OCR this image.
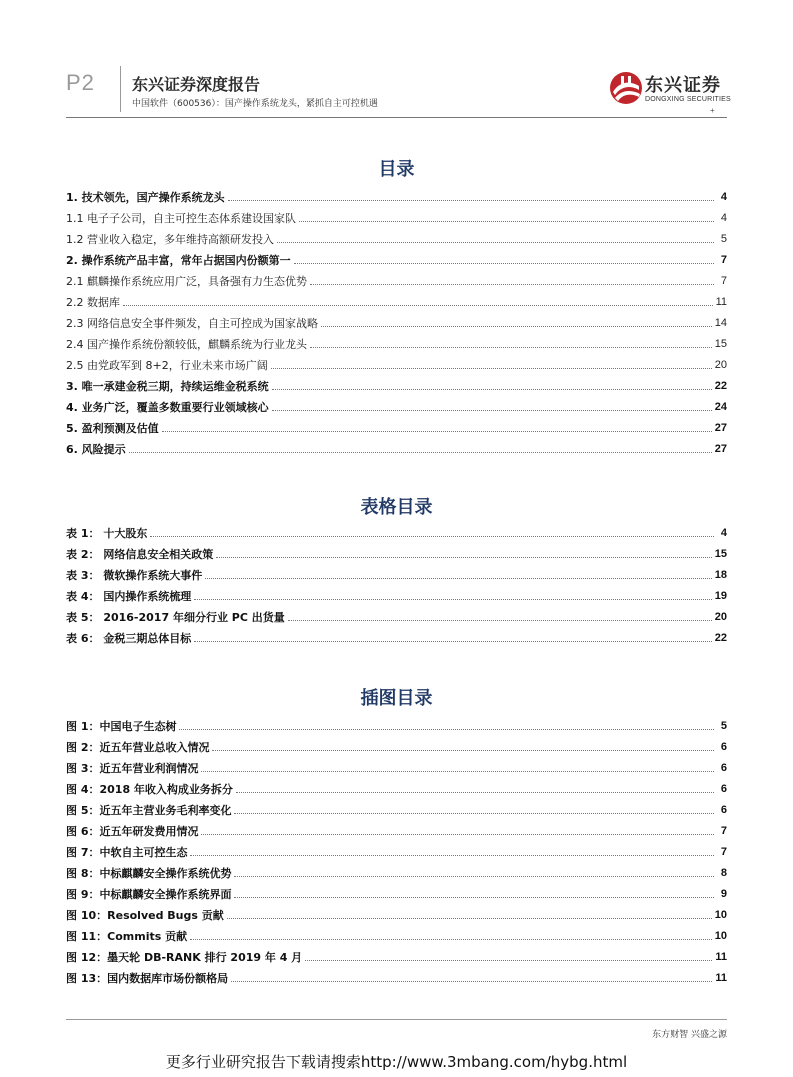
P2 东兴证券深度报告
中国软件（600536）：国产操作系统龙头，紧抓自主可控机遇
东兴证券
DONGXING SECURITIES
+
目录
1. 技术领先，国产操作系统龙头	4
1.1 电子子公司，自主可控生态体系建设国家队	4
1.2 营业收入稳定，多年维持高额研发投入	5
2. 操作系统产品丰富，常年占据国内份额第一	7
2.1 麒麟操作系统应用广泛，具备强有力生态优势	7
2.2 数据库	11
2.3 网络信息安全事件频发，自主可控成为国家战略	14
2.4 国产操作系统份额较低，麒麟系统为行业龙头	15
2.5 由党政军到 8+2，行业未来市场广阔	20
3. 唯一承建金税三期，持续运维金税系统	22
4. 业务广泛，覆盖多数重要行业领域核心	24
5. 盈利预测及估值	27
6. 风险提示	27
表格目录
表 1： 十大股东	4
表 2： 网络信息安全相关政策	15
表 3： 微软操作系统大事件	18
表 4： 国内操作系统梳理	19
表 5： 2016-2017 年细分行业 PC 出货量	20
表 6： 金税三期总体目标	22
插图目录
图 1：中国电子生态树	5
图 2：近五年营业总收入情况	6
图 3：近五年营业利润情况	6
图 4：2018 年收入构成业务拆分	6
图 5：近五年主营业务毛利率变化	6
图 6：近五年研发费用情况	7
图 7：中软自主可控生态	7
图 8：中标麒麟安全操作系统优势	8
图 9：中标麒麟安全操作系统界面	9
图 10：Resolved Bugs 贡献	10
图 11：Commits 贡献	10
图 12：墨天轮 DB-RANK 排行 2019 年 4 月	11
图 13：国内数据库市场份额格局	11
东方财智 兴盛之源
更多行业研究报告下载请搜索http://www.3mbang.com/hybg.html
